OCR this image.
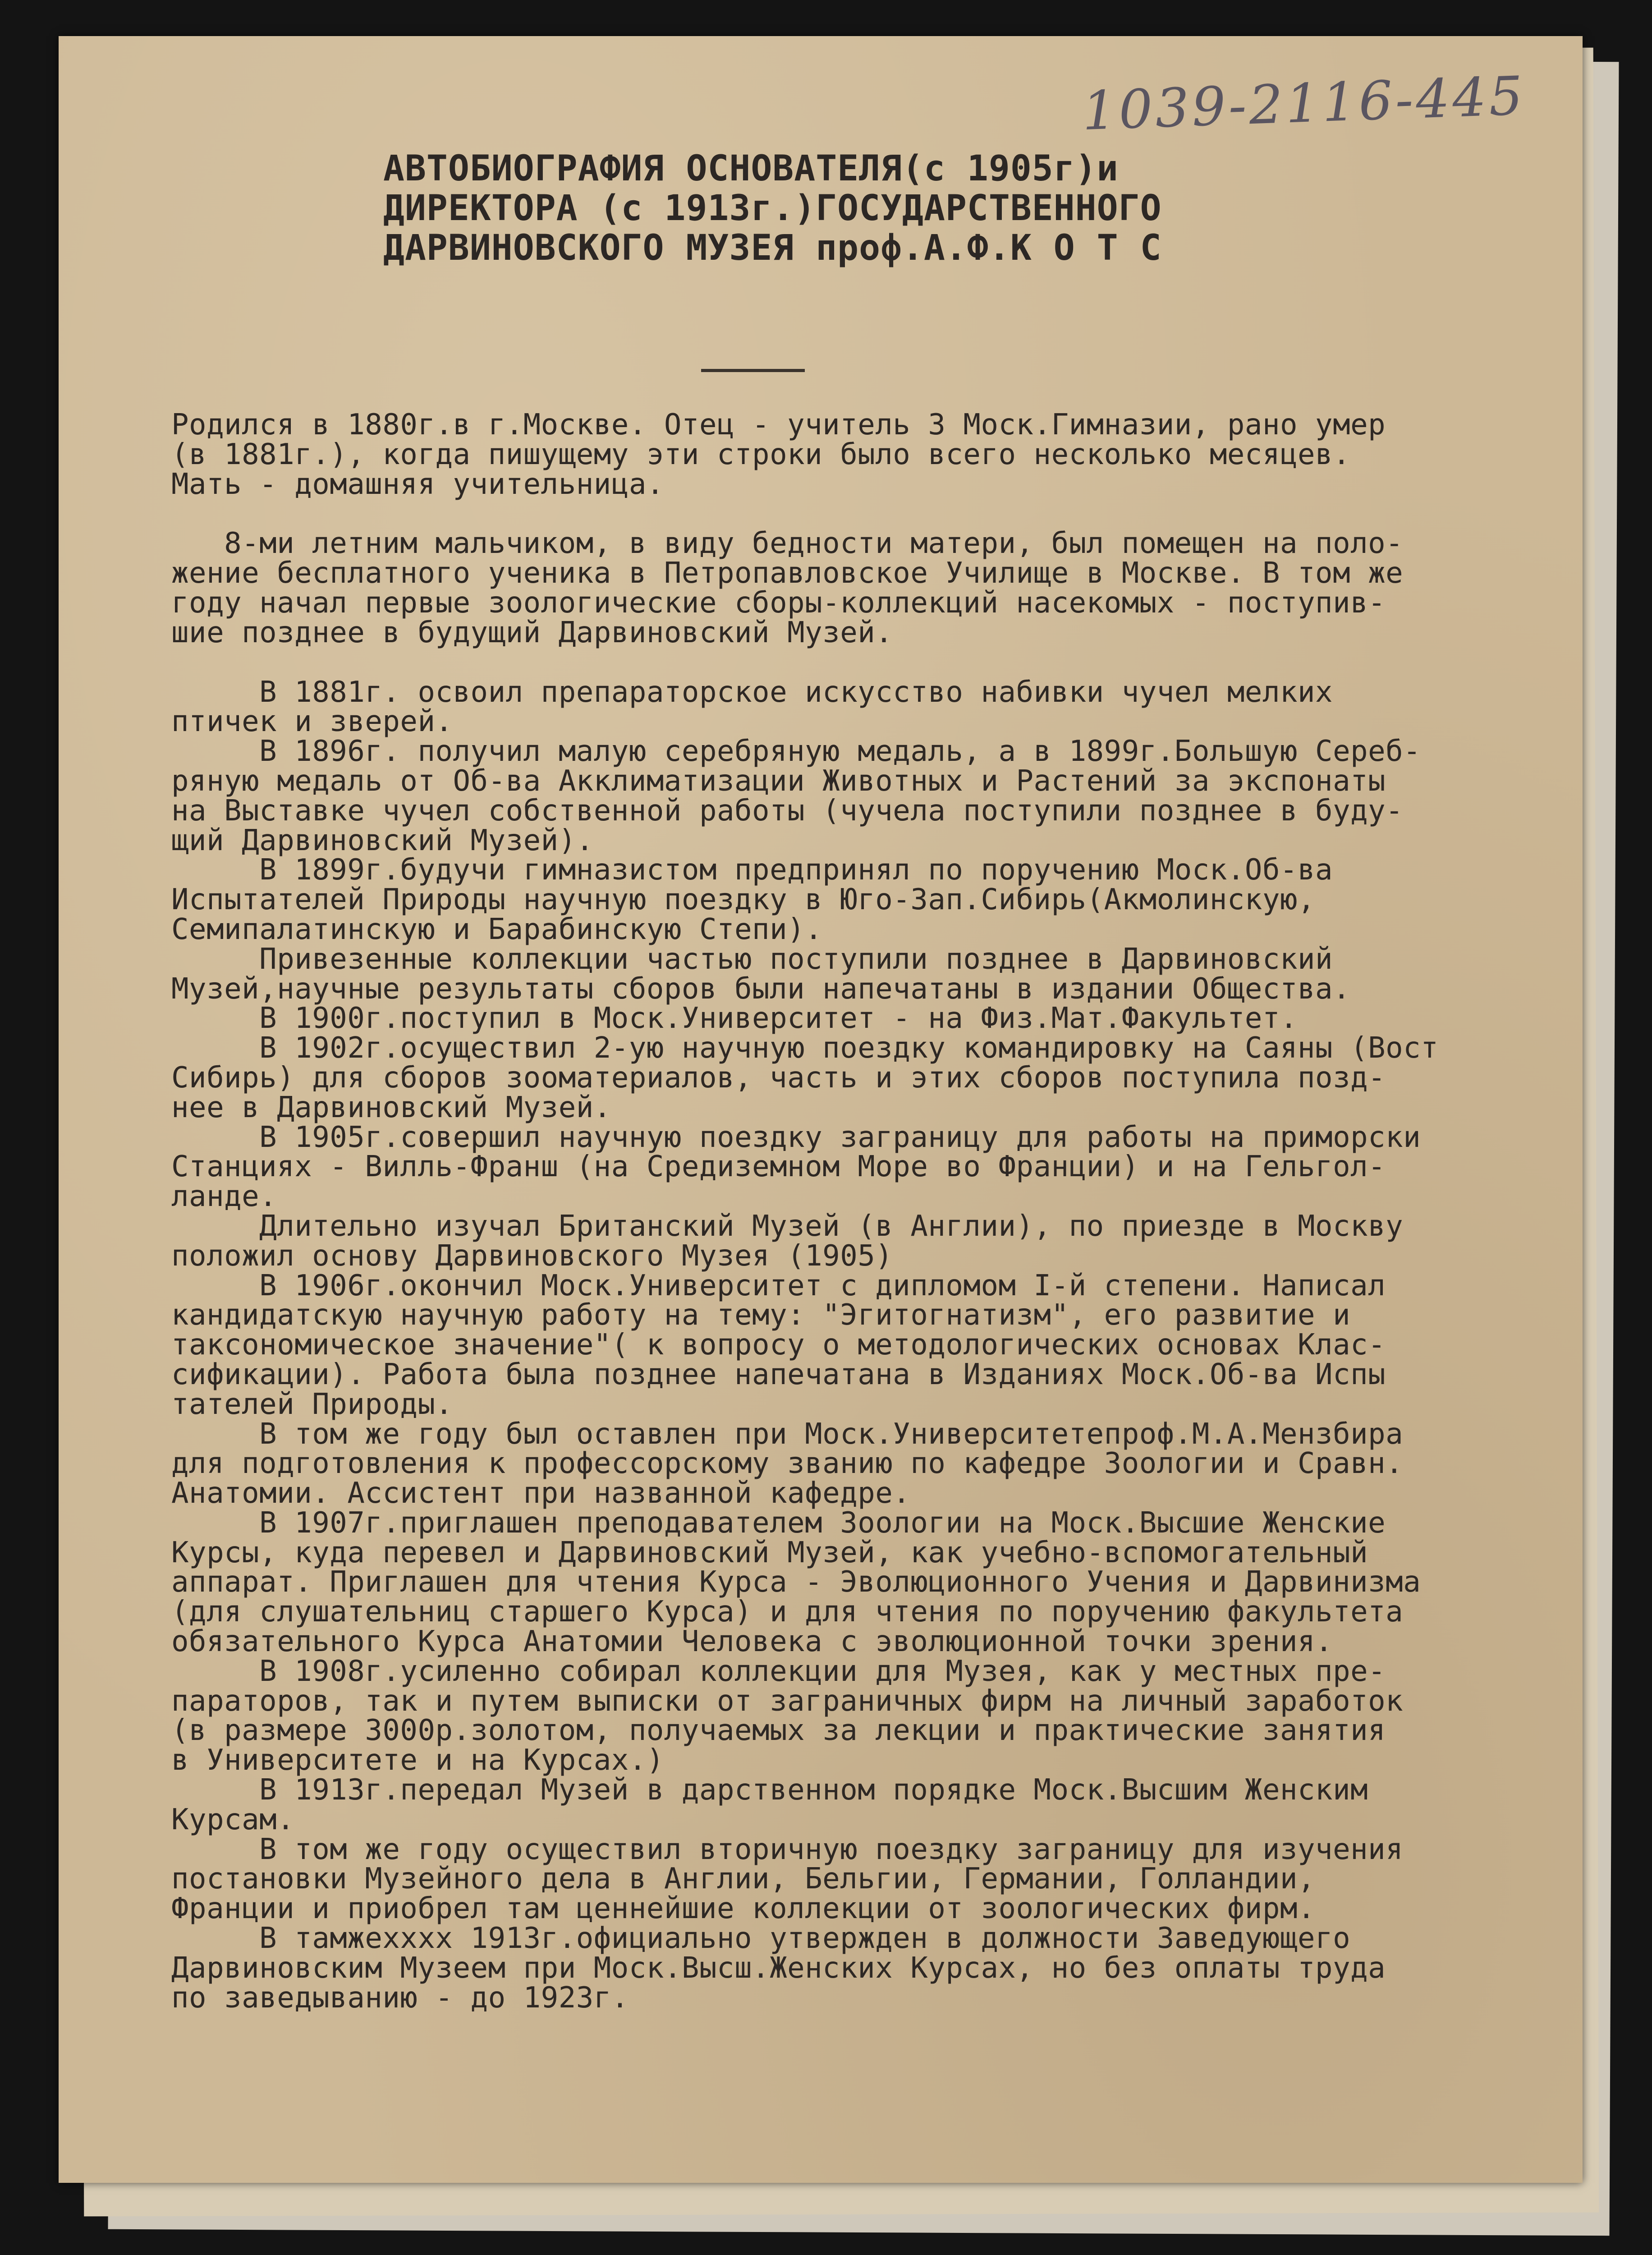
1039-2116-445
АВТОБИОГРАФИЯ ОСНОВАТЕЛЯ(с 1905г)и
ДИРЕКТОРА (с 1913г.)ГОСУДАРСТВЕННОГО
ДАРВИНОВСКОГО МУЗЕЯ проф.А.Ф.К О Т С
Родился в 1880г.в г.Москве. Отец - учитель 3 Моск.Гимназии, рано умер
(в 1881г.), когда пишущему эти строки было всего несколько месяцев.
Мать - домашняя учительница.
8-ми летним мальчиком, в виду бедности матери, был помещен на поло-
жение бесплатного ученика в Петропавловское Училище в Москве. В том же
году начал первые зоологические сборы-коллекций насекомых - поступив-
шие позднее в будущий Дарвиновский Музей.
В 1881г. освоил препараторское искусство набивки чучел мелких
птичек и зверей.
В 1896г. получил малую серебряную медаль, а в 1899г.Большую Сереб-
ряную медаль от Об-ва Акклиматизации Животных и Растений за экспонаты
на Выставке чучел собственной работы (чучела поступили позднее в буду-
щий Дарвиновский Музей).
В 1899г.будучи гимназистом предпринял по поручению Моск.Об-ва
Испытателей Природы научную поездку в Юго-Зап.Сибирь(Акмолинскую,
Семипалатинскую и Барабинскую Степи).
Привезенные коллекции частью поступили позднее в Дарвиновский
Музей,научные результаты сборов были напечатаны в издании Общества.
В 1900г.поступил в Моск.Университет - на Физ.Мат.Факультет.
В 1902г.осуществил 2-ую научную поездку командировку на Саяны (Вост
Сибирь) для сборов зооматериалов, часть и этих сборов поступила позд-
нее в Дарвиновский Музей.
В 1905г.совершил научную поездку заграницу для работы на приморски
Станциях - Вилль-Франш (на Средиземном Море во Франции) и на Гельгол-
ланде.
Длительно изучал Британский Музей (в Англии), по приезде в Москву
положил основу Дарвиновского Музея (1905)
В 1906г.окончил Моск.Университет с дипломом I-й степени. Написал
кандидатскую научную работу на тему: "Эгитогнатизм", его развитие и
таксономическое значение"( к вопросу о методологических основах Клас-
сификации). Работа была позднее напечатана в Изданиях Моск.Об-ва Испы
тателей Природы.
В том же году был оставлен при Моск.Университетепроф.М.А.Мензбира
для подготовления к профессорскому званию по кафедре Зоологии и Сравн.
Анатомии. Ассистент при названной кафедре.
В 1907г.приглашен преподавателем Зоологии на Моск.Высшие Женские
Курсы, куда перевел и Дарвиновский Музей, как учебно-вспомогательный
аппарат. Приглашен для чтения Курса - Эволюционного Учения и Дарвинизма
(для слушательниц старшего Курса) и для чтения по поручению факультета
обязательного Курса Анатомии Человека с эволюционной точки зрения.
В 1908г.усиленно собирал коллекции для Музея, как у местных пре-
параторов, так и путем выписки от заграничных фирм на личный заработок
(в размере 3000р.золотом, получаемых за лекции и практические занятия
в Университете и на Курсах.)
В 1913г.передал Музей в дарственном порядке Моск.Высшим Женским
Курсам.
В том же году осуществил вторичную поездку заграницу для изучения
постановки Музейного дела в Англии, Бельгии, Германии, Голландии,
Франции и приобрел там ценнейшие коллекции от зоологических фирм.
В тамжехххх 1913г.официально утвержден в должности Заведующего
Дарвиновским Музеем при Моск.Высш.Женских Курсах, но без оплаты труда
по заведыванию - до 1923г.
